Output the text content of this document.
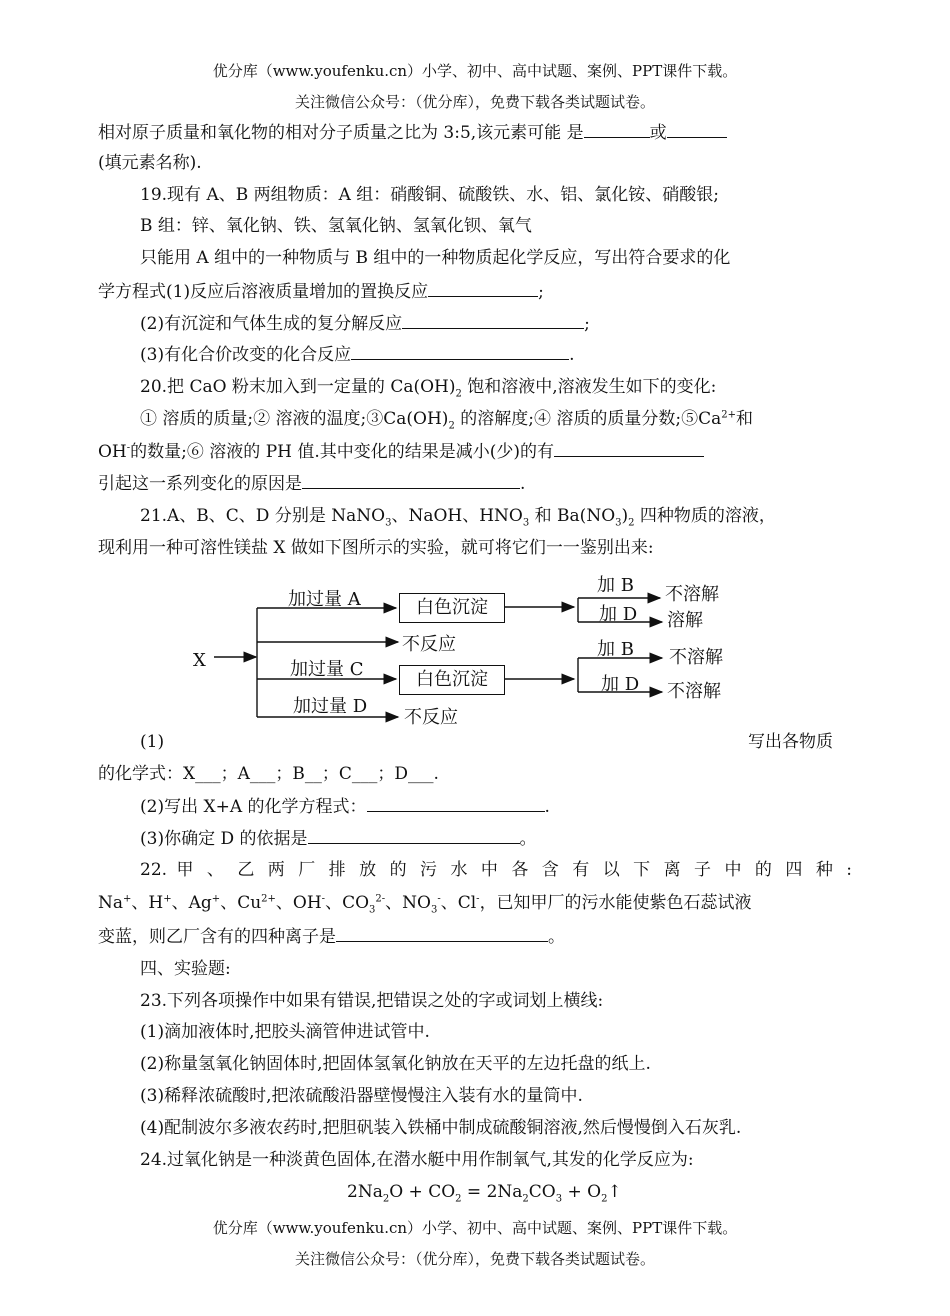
优分库（www.youfenku.cn）小学、初中、高中试题、案例、PPT课件下载。
关注微信公众号：（优分库），免费下载各类试题试卷。
相对原子质量和氧化物的相对分子质量之比为 3:5,该元素可能 是	或
(填元素名称).
19.现有 A、B 两组物质：A 组：硝酸铜、硫酸铁、水、铝、氯化铵、硝酸银;
B 组：锌、氧化钠、铁、氢氧化钠、氢氧化钡、氧气
只能用 A 组中的一种物质与 B 组中的一种物质起化学反应，写出符合要求的化
学方程式(1)反应后溶液质量增加的置换反应	;
(2)有沉淀和气体生成的复分解反应	;
(3)有化合价改变的化合反应	.
20.把 CaO 粉末加入到一定量的 $Ca(OH)_2$ 饱和溶液中,溶液发生如下的变化:
① 溶质的质量;② 溶液的温度$;③Ca(OH)_2$ 的溶解度;④ 溶质的质量分数$;⑤Ca^{2+}$和
OH-的数量;⑥ 溶液的 PH 值.其中变化的结果是减小(少)的有
引起这一系列变化的原因是	.
21.A、B、C、D 分别是 NaNO$_3$、NaOH、$HNO_3$ 和 $Ba(NO_3)_2$ 四种物质的溶液，
现利用一种可溶性镁盐 X 做如下图所示的实验，就可将它们一一鉴别出来:
X
加过量 A
加过量 C
加过量 D
白色沉淀
白色沉淀
不反应
不反应
加 B
加 D
加 B
加 D
不溶解
溶解
不溶解
不溶解
(1)	写出各物质
的化学式：X___；A___；B__；C___；D___.
(2)写出 X+A 的化学方程式：	.
(3)你确定 D 的依据是	。
22. 甲 、 乙 两 厂 排 放 的 污 水 中 各 含 有 以 下 离 子 中 的 四 种 :
Na+、H+、Ag+、$Cu^{2+}$、OH-、$CO_3^{2-}$、$NO_3^-$、Cl-，已知甲厂的污水能使紫色石蕊试液
变蓝，则乙厂含有的四种离子是	。
四、实验题:
23.下列各项操作中如果有错误,把错误之处的字或词划上横线:
(1)滴加液体时,把胶头滴管伸进试管中.
(2)称量氢氧化钠固体时,把固体氢氧化钠放在天平的左边托盘的纸上.
(3)稀释浓硫酸时,把浓硫酸沿器壁慢慢注入装有水的量筒中.
(4)配制波尔多液农药时,把胆矾装入铁桶中制成硫酸铜溶液,然后慢慢倒入石灰乳.
24.过氧化钠是一种淡黄色固体,在潜水艇中用作制氧气,其发的化学反应为:
$2Na_2O + CO_2 = 2Na_2CO_3$ + $O_2↑$
优分库（www.youfenku.cn）小学、初中、高中试题、案例、PPT课件下载。
关注微信公众号：（优分库），免费下载各类试题试卷。
